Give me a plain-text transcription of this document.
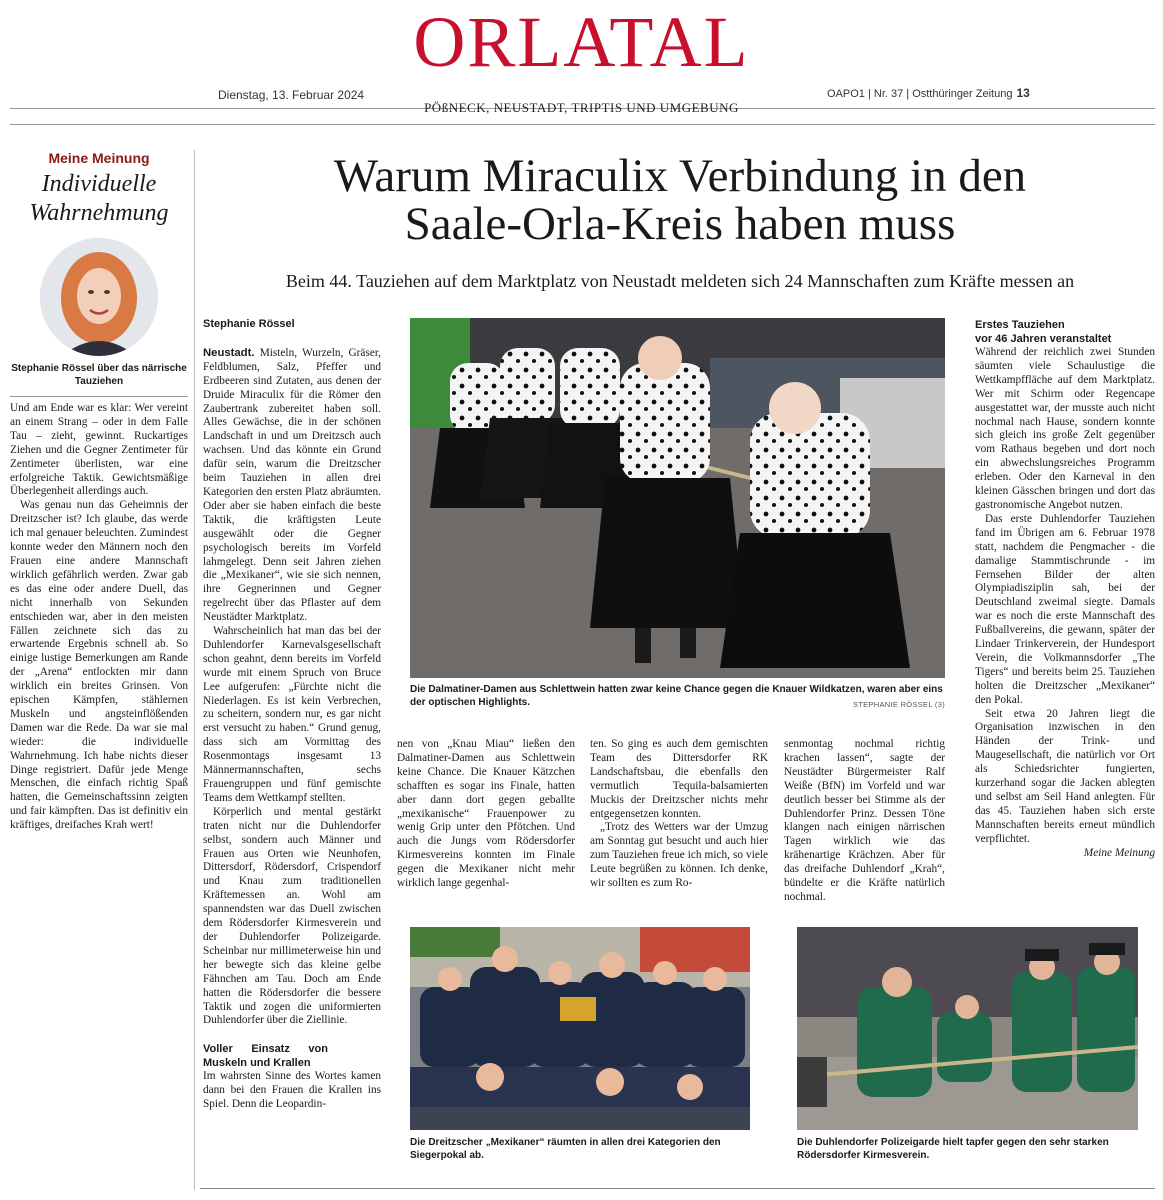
ORLATAL
Dienstag, 13. Februar 2024	OAPO1 | Nr. 37 | Ostthüringer Zeitung 13
PÖßNECK, NEUSTADT, TRIPTIS UND UMGEBUNG
Meine Meinung
Individuelle Wahrnehmung
Stephanie Rössel über das närrische Tauziehen

Und am Ende war es klar: Wer vereint an einem Strang – oder in dem Falle Tau – zieht, gewinnt. Ruckartiges Ziehen und die Gegner Zentimeter für Zentimeter überlisten, war eine erfolgreiche Taktik. Gewichtsmäßige Überlegenheit allerdings auch.

Was genau nun das Geheimnis der Dreitzscher ist? Ich glaube, das werde ich mal genauer beleuchten. Zumindest konnte weder den Männern noch den Frauen eine andere Mannschaft wirklich gefährlich werden. Zwar gab es das eine oder andere Duell, das nicht innerhalb von Sekunden entschieden war, aber in den meisten Fällen zeichnete sich das zu erwartende Ergebnis schnell ab. So einige lustige Bemerkungen am Rande der „Arena“ entlockten mir dann wirklich ein breites Grinsen. Von epischen Kämpfen, stählernen Muskeln und angsteinflößenden Damen war die Rede. Da war sie mal wieder: die individuelle Wahrnehmung. Ich habe nichts dieser Dinge registriert. Dafür jede Menge Menschen, die einfach richtig Spaß hatten, die Gemeinschaftssinn zeigten und fair kämpften. Das ist definitiv ein kräftiges, dreifaches Krah wert!

Warum Miraculix Verbindung in den
Saale-Orla-Kreis haben muss
Beim 44. Tauziehen auf dem Marktplatz von Neustadt meldeten sich 24 Mannschaften zum Kräfte messen an
Stephanie Rössel

Neustadt. Misteln, Wurzeln, Gräser, Feldblumen, Salz, Pfeffer und Erdbeeren sind Zutaten, aus denen der Druide Miraculix für die Römer den Zaubertrank zubereitet haben soll. Alles Gewächse, die in der schönen Landschaft in und um Dreitzsch auch wachsen. Und das könnte ein Grund dafür sein, warum die Dreitzscher beim Tauziehen in allen drei Kategorien den ersten Platz abräumten. Oder aber sie haben einfach die beste Taktik, die kräftigsten Leute ausgewählt oder die Gegner psychologisch bereits im Vorfeld lahmgelegt. Denn seit Jahren ziehen die „Mexikaner“, wie sie sich nennen, ihre Gegnerinnen und Gegner regelrecht über das Pflaster auf dem Neustädter Marktplatz.

Wahrscheinlich hat man das bei der Duhlendorfer Karnevalsgesellschaft schon geahnt, denn bereits im Vorfeld wurde mit einem Spruch von Bruce Lee aufgerufen: „Fürchte nicht die Niederlagen. Es ist kein Verbrechen, zu scheitern, sondern nur, es gar nicht erst versucht zu haben.“ Grund genug, dass sich am Vormittag des Rosenmontags insgesamt 13 Männermannschaften, sechs Frauengruppen und fünf gemischte Teams dem Wettkampf stellten.

Körperlich und mental gestärkt traten nicht nur die Duhlendorfer selbst, sondern auch Männer und Frauen aus Orten wie Neunhofen, Dittersdorf, Rödersdorf, Crispendorf und Knau zum traditionellen Kräftemessen an. Wohl am spannendsten war das Duell zwischen dem Rödersdorfer Kirmesverein und der Duhlendorfer Polizeigarde. Scheinbar nur millimeterweise hin und her bewegte sich das kleine gelbe Fähnchen am Tau. Doch am Ende hatten die Rödersdorfer die bessere Taktik und zogen die uniformierten Duhlendorfer über die Ziellinie.

Voller Einsatz von Muskeln und Krallen

Im wahrsten Sinne des Wortes kamen dann bei den Frauen die Krallen ins Spiel. Denn die Leopardin-

Die Dalmatiner-Damen aus Schlettwein hatten zwar keine Chance gegen die Knauer Wildkatzen, waren aber eins der optischen Highlights.	STEPHANIE RÖSSEL (3)

nen von „Knau Miau“ ließen den Dalmatiner-Damen aus Schlettwein keine Chance. Die Knauer Kätzchen schafften es sogar ins Finale, hatten aber dann dort gegen geballte „mexikanische“ Frauenpower zu wenig Grip unter den Pfötchen. Und auch die Jungs vom Rödersdorfer Kirmesvereins konnten im Finale gegen die Mexikaner nicht mehr wirklich lange gegenhal-

ten. So ging es auch dem gemischten Team des Dittersdorfer RK Landschaftsbau, die ebenfalls den vermutlich Tequila-balsamierten Muckis der Dreitzscher nichts mehr entgegensetzen konnten.

„Trotz des Wetters war der Umzug am Sonntag gut besucht und auch hier zum Tauziehen freue ich mich, so viele Leute begrüßen zu können. Ich denke, wir sollten es zum Ro-

senmontag nochmal richtig krachen lassen“, sagte der Neustädter Bürgermeister Ralf Weiße (BfN) im Vorfeld und war deutlich besser bei Stimme als der Duhlendorfer Prinz. Dessen Töne klangen nach einigen närrischen Tagen wirklich wie das krähenartige Krächzen. Aber für das dreifache Duhlendorf „Krah“, bündelte er die Kräfte natürlich nochmal.

Erstes Tauziehen

vor 46 Jahren veranstaltet

Während der reichlich zwei Stunden säumten viele Schaulustige die Wettkampffläche auf dem Marktplatz. Wer mit Schirm oder Regencape ausgestattet war, der musste auch nicht nochmal nach Hause, sondern konnte sich gleich ins große Zelt gegenüber vom Rathaus begeben und dort noch ein abwechslungsreiches Programm erleben. Oder den Karneval in den kleinen Gässchen bringen und dort das gastronomische Angebot nutzen.

Das erste Duhlendorfer Tauziehen fand im Übrigen am 6. Februar 1978 statt, nachdem die Pengmacher - die damalige Stammtischrunde - im Fernsehen Bilder der alten Olympiadisziplin sah, bei der Deutschland zweimal siegte. Damals war es noch die erste Mannschaft des Fußballvereins, die gewann, später der Lindaer Trinkerverein, der Hundesport Verein, die Volkmannsdorfer „The Tigers“ und bereits beim 25. Tauziehen holten die Dreitzscher „Mexikaner“ den Pokal.

Seit etwa 20 Jahren liegt die Organisation inzwischen in den Händen der Trink- und Maugesellschaft, die natürlich vor Ort als Schiedsrichter fungierten, kurzerhand sogar die Jacken ablegten und selbst am Seil Hand anlegten. Für das 45. Tauziehen haben sich erste Mannschaften bereits erneut mündlich verpflichtet.

Meine Meinung

Die Dreitzscher „Mexikaner“ räumten in allen drei Kategorien den Siegerpokal ab.
Die Duhlendorfer Polizeigarde hielt tapfer gegen den sehr starken Rödersdorfer Kirmesverein.
